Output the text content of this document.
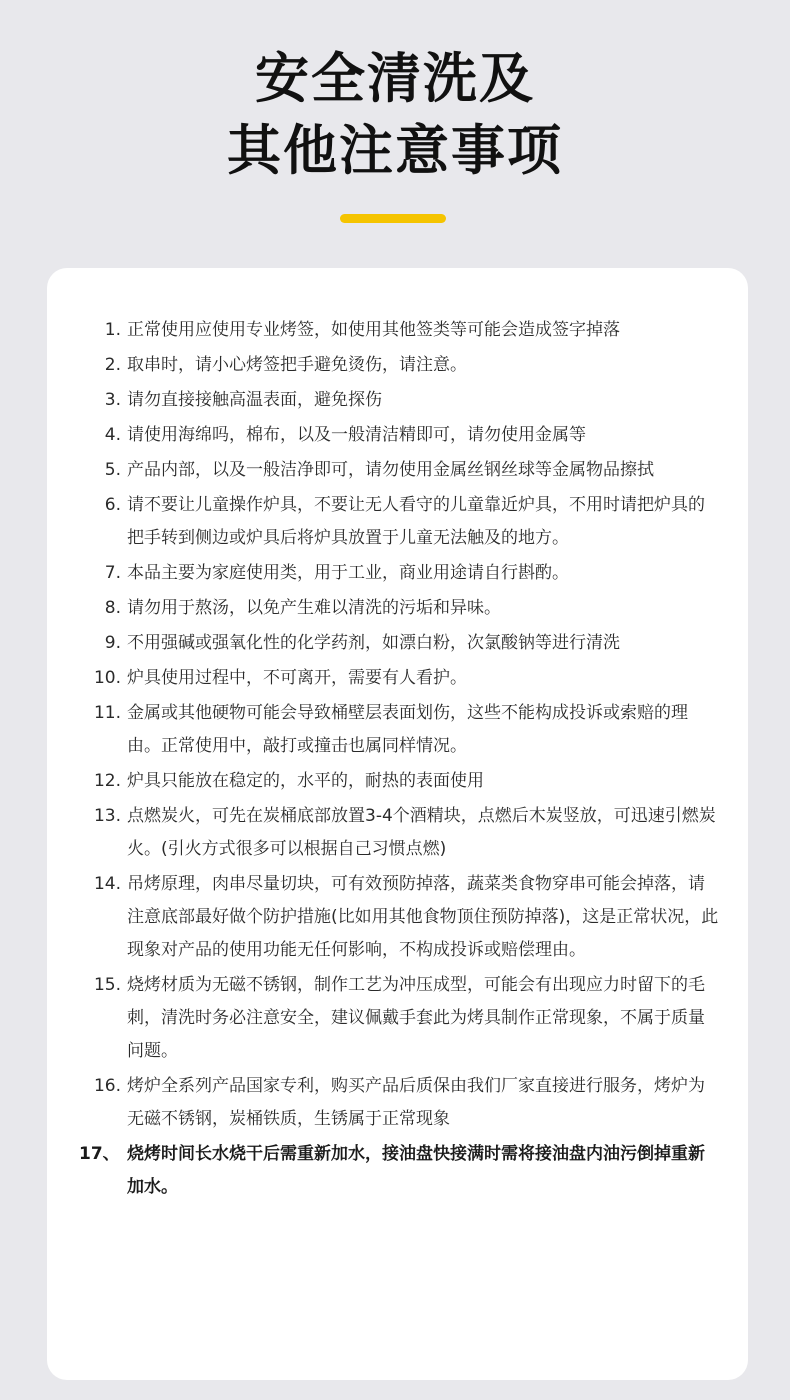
安全清洗及
其他注意事项
1. 正常使用应使用专业烤签，如使用其他签类等可能会造成签字掉落
2. 取串时，请小心烤签把手避免烫伤，请注意。
3. 请勿直接接触高温表面，避免探伤
4. 请使用海绵吗，棉布，以及一般清洁精即可，请勿使用金属等
5. 产品内部，以及一般洁净即可，请勿使用金属丝钢丝球等金属物品擦拭
6. 请不要让儿童操作炉具，不要让无人看守的儿童靠近炉具，不用时请把炉具的把手转到侧边或炉具后将炉具放置于儿童无法触及的地方。
7. 本品主要为家庭使用类，用于工业，商业用途请自行斟酌。
8. 请勿用于熬汤，以免产生难以清洗的污垢和异味。
9. 不用强碱或强氧化性的化学药剂，如漂白粉，次氯酸钠等进行清洗
10. 炉具使用过程中，不可离开，需要有人看护。
11. 金属或其他硬物可能会导致桶壁层表面划伤，这些不能构成投诉或索赔的理由。正常使用中，敲打或撞击也属同样情况。
12. 炉具只能放在稳定的，水平的，耐热的表面使用
13. 点燃炭火，可先在炭桶底部放置3-4个酒精块，点燃后木炭竖放，可迅速引燃炭火。(引火方式很多可以根据自己习惯点燃)
14. 吊烤原理，肉串尽量切块，可有效预防掉落，蔬菜类食物穿串可能会掉落，请注意底部最好做个防护措施(比如用其他食物顶住预防掉落)，这是正常状况，此现象对产品的使用功能无任何影响，不构成投诉或赔偿理由。
15. 烧烤材质为无磁不锈钢，制作工艺为冲压成型，可能会有出现应力时留下的毛刺，清洗时务必注意安全，建议佩戴手套此为烤具制作正常现象，不属于质量问题。
16. 烤炉全系列产品国家专利，购买产品后质保由我们厂家直接进行服务，烤炉为无磁不锈钢，炭桶铁质，生锈属于正常现象
17、 烧烤时间长水烧干后需重新加水，接油盘快接满时需将接油盘内油污倒掉重新加水。
